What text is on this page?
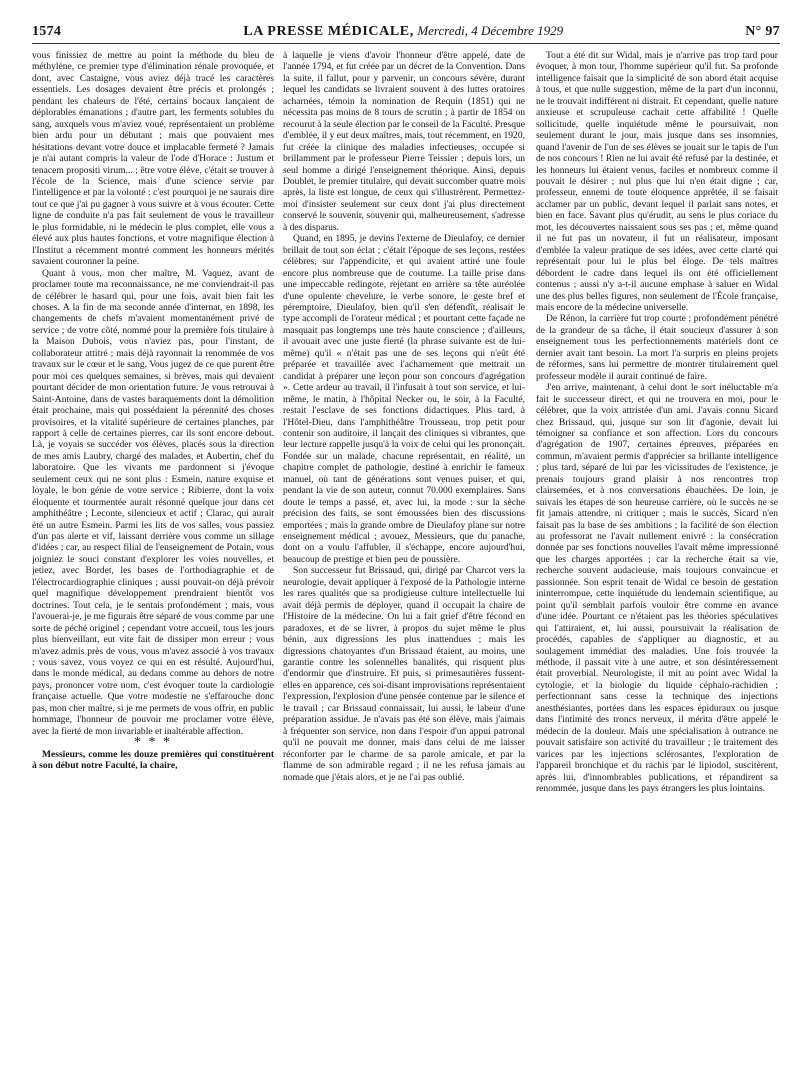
1574	LA PRESSE MÉDICALE, Mercredi, 4 Décembre 1929	N° 97

vous finissiez de mettre au point la méthode du bleu de méthylène, ce premier type d'élimination rénale provoquée, et dont, avec Castaigne, vous aviez déjà tracé les caractères essentiels. Les dosages devaient être précis et prolongés ; pendant les chaleurs de l'été, certains bocaux lançaient de déplorables émanations ; d'autre part, les ferments solubles du sang, auxquels vous m'aviez voué, représentaient un problème bien ardu pour un débutant ; mais que pouvaient mes hésitations devant votre douce et implacable fermeté ? Jamais je n'ai autant compris la valeur de l'ode d'Horace : Justum et tenacem propositi virum... ; être votre élève, c'était se trouver à l'école de la Science, mais d'une science servie par l'intelligence et par la volonté : c'est pourquoi je ne saurais dire tout ce que j'ai pu gagner à vous suivre et à vous écouter. Cette ligne de conduite n'a pas fait seulement de vous le travailleur le plus formidable, ni le médecin le plus complet, elle vous a élevé aux plus hautes fonctions, et votre magnifique élection à l'Institut a récemment montré comment les honneurs mérités savaient couronner la peine.

Quant à vous, mon cher maître, M. Vaquez, avant de proclamer toute ma reconnaissance, ne me conviendrait-il pas de célébrer le hasard qui, pour une fois, avait bien fait les choses. A la fin de ma seconde année d'internat, en 1898, les changements de chefs m'avaient momentanément privé de service ; de votre côté, nommé pour la première fois titulaire à la Maison Dubois, vous n'aviez pas, pour l'instant, de collaborateur attitré ; mais déjà rayonnait la renommée de vos travaux sur le cœur et le sang. Vous jugez de ce que purent être pour moi ces quelques semaines, si brèves, mais qui devaient pourtant décider de mon orientation future. Je vous retrouvai à Saint-Antoine, dans de vastes baraquements dont la démolition était prochaine, mais qui possédaient la pérennité des choses provisoires, et la vitalité supérieure de certaines planches, par rapport à celle de certaines pierres, car ils sont encore debout. Là, je voyais se succéder vos élèves, placés sous la direction de mes amis Laubry, chargé des malades, et Aubertin, chef du laboratoire. Que les vivants me pardonnent si j'évoque seulement ceux qui ne sont plus : Esmein, nature exquise et loyale, le bon génie de votre service ; Ribierre, dont la voix éloquente et tourmentée aurait résonné quelque jour dans cet amphithéâtre ; Leconte, silencieux et actif ; Clarac, qui aurait été un autre Esmein. Parmi les lits de vos salles, vous passiez d'un pas alerte et vif, laissant derrière vous comme un sillage d'idées ; car, au respect filial de l'enseignement de Potain, vous joigniez le souci constant d'explorer les voies nouvelles, et jetiez, avec Bordet, les bases de l'orthodiagraphie et de l'électrocardiographie cliniques ; aussi pouvait-on déjà prévoir quel magnifique développement prendraient bientôt vos doctrines. Tout cela, je le sentais profondément ; mais, vous l'avouerai-je, je me figurais être séparé de vous comme par une sorte de péché originel ; cependant votre accueil, tous les jours plus bienveillant, eut vite fait de dissiper mon erreur ; vous m'avez admis près de vous, vous m'avez associé à vos travaux ; vous savez, vous voyez ce qui en est résulté. Aujourd'hui, dans le monde médical, au dedans comme au dehors de notre pays, prononcer votre nom, c'est évoquer toute la cardiologie française actuelle. Que votre modestie ne s'effarouche donc pas, mon cher maître, si je me permets de vous offrir, en public hommage, l'honneur de pouvoir me proclamer votre élève, avec la fierté de mon invariable et inaltérable affection.

* * *

Messieurs, comme les douze premières qui constituèrent à son début notre Faculté, la chaire,

à laquelle je viens d'avoir l'honneur d'être appelé, date de l'année 1794, et fut créée par un décret de la Convention. Dans la suite, il fallut, pour y parvenir, un concours sévère, durant lequel les candidats se livraient souvent à des luttes oratoires acharnées, témoin la nomination de Requin (1851) qui ne nécessita pas moins de 8 tours de scrutin ; à partir de 1854 on recourut à la seule élection par le conseil de la Faculté. Presque d'emblée, il y eut deux maîtres, mais, tout récemment, en 1920, fut créée la clinique des maladies infectieuses, occupée si brillamment par le professeur Pierre Teissier ; depuis lors, un seul homme a dirigé l'enseignement théorique. Ainsi, depuis Doublet, le premier titulaire, qui devait succomber quatre mois après, la liste est longue, de ceux qui s'illustrèrent. Permettez-moi d'insister seulement sur ceux dont j'ai plus directement conservé le souvenir, souvenir qui, malheureusement, s'adresse à des disparus.

Quand, en 1895, je devins l'externe de Dieulafoy, ce dernier brillait de tout son éclat ; c'était l'époque de ses leçons, restées célèbres, sur l'appendicite, et qui avaient attiré une foule encore plus nombreuse que de coutume. La taille prise dans une impeccable redingote, rejetant en arrière sa tête auréolée d'une opulente chevelure, le verbe sonore, le geste bref et péremptoire, Dieulafoy, bien qu'il s'en défendît, réalisait le type accompli de l'orateur médical ; et pourtant cette façade ne masquait pas longtemps une très haute conscience ; d'ailleurs, il avouait avec une juste fierté (la phrase suivante est de lui-même) qu'il « n'était pas une de ses leçons qui n'eût été préparée et travaillée avec l'acharnement que mettrait un candidat à préparer une leçon pour son concours d'agrégation ». Cette ardeur au travail, il l'infusait à tout son service, et lui-même, le matin, à l'hôpital Necker ou, le soir, à la Faculté, restait l'esclave de ses fonctions didactiques. Plus tard, à l'Hôtel-Dieu, dans l'amphithéâtre Trousseau, trop petit pour contenir son auditoire, il lançait des cliniques si vibrantes, que leur lecture rappelle jusqu'à la voix de celui qui les prononçait. Fondée sur un malade, chacune représentait, en réalité, un chapitre complet de pathologie, destiné à enrichir le fameux manuel, où tant de générations sont venues puiser, et qui, pendant la vie de son auteur, connut 70.000 exemplaires. Sans doute le temps a passé, et, avec lui, la mode : sur la sèche précision des faits, se sont émoussées bien des discussions emportées ; mais la grande ombre de Dieulafoy plane sur notre enseignement médical ; avouez, Messieurs, que du panache, dont on a voulu l'affubler, il s'échappe, encore aujourd'hui, beaucoup de prestige et bien peu de poussière.

Son successeur fut Brissaud, qui, dirigé par Charcot vers la neurologie, devait appliquer à l'exposé de la Pathologie interne les rares qualités que sa prodigieuse culture intellectuelle lui avait déjà permis de déployer, quand il occupait la chaire de l'Histoire de la médecine. On lui a fait grief d'être fécond en paradoxes, et de se livrer, à propos du sujet même le plus bénin, aux digressions les plus inattendues ; mais les digressions chatoyantes d'un Brissaud étaient, au moins, une garantie contre les solennelles banalités, qui risquent plus d'endormir que d'instruire. Et puis, si primesautières fussent-elles en apparence, ces soi-disant improvisations représentaient l'expression, l'explosion d'une pensée contenue par le silence et le travail ; car Brissaud connaissait, lui aussi, le labeur d'une préparation assidue. Je n'avais pas été son élève, mais j'aimais à fréquenter son service, non dans l'espoir d'un appui patronal qu'il ne pouvait me donner, mais dans celui de me laisser réconforter par le charme de sa parole amicale, et par la flamme de son admirable regard ; il ne les refusa jamais au nomade que j'étais alors, et je ne l'ai pas oublié.

Tout a été dit sur Widal, mais je n'arrive pas trop tard pour évoquer, à mon tour, l'homme supérieur qu'il fut. Sa profonde intelligence faisait que la simplicité de son abord était acquise à tous, et que nulle suggestion, même de la part d'un inconnu, ne le trouvait indifférent ni distrait. Et cependant, quelle nature anxieuse et scrupuleuse cachait cette affabilité ! Quelle sollicitude, quelle inquiétude même le poursuivait, non seulement durant le jour, mais jusque dans ses insomnies, quand l'avenir de l'un de ses élèves se jouait sur le tapis de l'un de nos concours ! Rien ne lui avait été refusé par la destinée, et les honneurs lui étaient venus, faciles et nombreux comme il pouvait le désirer ; nul plus que lui n'en était digne ; car, professeur, ennemi de toute éloquence apprêtée, il se faisait acclamer par un public, devant lequel il parlait sans notes, et bien en face. Savant plus qu'érudit, au sens le plus coriace du mot, les découvertes naissaient sous ses pas ; et, même quand il ne fut pas un novateur, il fut un réalisateur, imposant d'emblée la valeur pratique de ses idées, avec cette clarté qui représentait pour lui le plus bel éloge. De tels maîtres débordent le cadre dans lequel ils ont été officiellement contenus ; aussi n'y a-t-il aucune emphase à saluer en Widal une des plus belles figures, non seulement de l'École française, mais encore de la médecine universelle.

De Rénon, la carrière fut trop courte ; profondément pénétré de la grandeur de sa tâche, il était soucieux d'assurer à son enseignement tous les perfectionnements matériels dont ce dernier avait tant besoin. La mort l'a surpris en pleins projets de réformes, sans lui permettre de montrer titulairement quel professeur modèle il aurait continué de faire.

J'en arrive, maintenant, à celui dont le sort inéluctable m'a fait le successeur direct, et qui ne trouvera en moi, pour le célébrer, que la voix attristée d'un ami. J'avais connu Sicard chez Brissaud, qui, jusque sur son lit d'agonie, devait lui témoigner sa confiance et son affection. Lors du concours d'agrégation de 1907, certaines épreuves, préparées en commun, m'avaient permis d'apprécier sa brillante intelligence ; plus tard, séparé de lui par les vicissitudes de l'existence, je prenais toujours grand plaisir à nos rencontres trop clairsemées, et à nos conversations ébauchées. De loin, je suivais les étapes de son heureuse carrière, où le succès ne se fit jamais attendre, ni critiquer ; mais le succès, Sicard n'en faisait pas la base de ses ambitions ; la facilité de son élection au professorat ne l'avait nullement enivré : la consécration donnée par ses fonctions nouvelles l'avait même impressionné que les charges apportées ; car la recherche était sa vie, recherche souvent audacieuse, mais toujours convaincue et passionnée. Son esprit tenait de Widal ce besoin de gestation ininterrompue, cette inquiétude du lendemain scientifique, au point qu'il semblait parfois vouloir être comme en avance d'une idée. Pourtant ce n'étaient pas les théories spéculatives qui l'attiraient, et, lui aussi, poursuivait la réalisation de procédés, capables de s'appliquer au diagnostic, et au soulagement immédiat des maladies. Une fois trouvée la méthode, il passait vite à une autre, et son désintéressement était proverbial. Neurologiste, il mit au point avec Widal la cytologie, et la biologie du liquide céphalo-rachidien ; perfectionnant sans cesse la technique des injections anesthésiantes, portées dans les espaces épiduraux ou jusque dans l'intimité des troncs nerveux, il mérita d'être appelé le médecin de la douleur. Mais une spécialisation à outrance ne pouvait satisfaire son activité du travailleur ; le traitement des varices par les injections sclérosantes, l'exploration de l'appareil bronchique et du rachis par le lipiodol, suscitèrent, après lui, d'innombrables publications, et répandirent sa renommée, jusque dans les pays étrangers les plus lointains.
